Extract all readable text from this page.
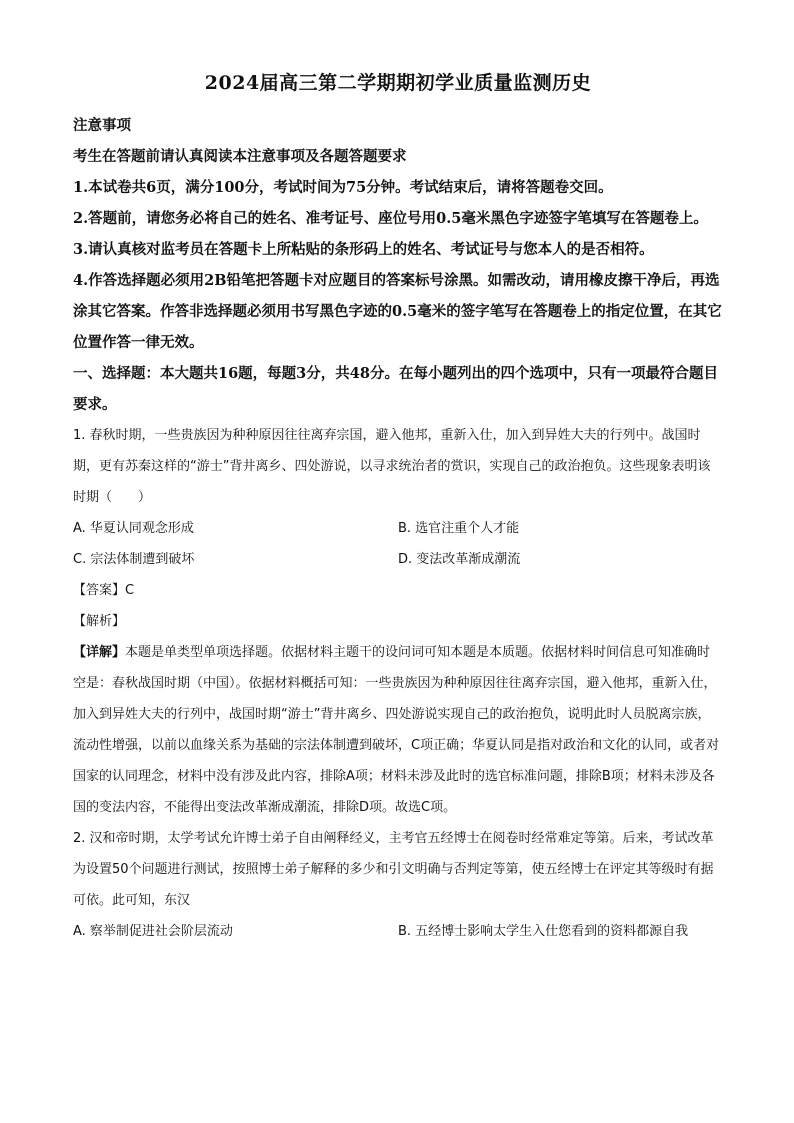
2024届高三第二学期期初学业质量监测历史
注意事项
考生在答题前请认真阅读本注意事项及各题答题要求
1.本试卷共6页，满分100分，考试时间为75分钟。考试结束后，请将答题卷交回。
2.答题前，请您务必将自己的姓名、准考证号、座位号用0.5毫米黑色字迹签字笔填写在答题卷上。
3.请认真核对监考员在答题卡上所粘贴的条形码上的姓名、考试证号与您本人的是否相符。
4.作答选择题必须用2B铅笔把答题卡对应题目的答案标号涂黑。如需改动，请用橡皮擦干净后，再选涂其它答案。作答非选择题必须用书写黑色字迹的0.5毫米的签字笔写在答题卷上的指定位置，在其它位置作答一律无效。
一、选择题：本大题共16题，每题3分，共48分。在每小题列出的四个选项中，只有一项最符合题目要求。
1. 春秋时期，一些贵族因为种种原因往往离弃宗国，避入他邦，重新入仕，加入到异姓大夫的行列中。战国时期，更有苏秦这样的“游士”背井离乡、四处游说，以寻求统治者的赏识，实现自己的政治抱负。这些现象表明该时期（　　）
A. 华夏认同观念形成	B. 选官注重个人才能
C. 宗法体制遭到破坏	D. 变法改革渐成潮流
【答案】C
【解析】
【详解】本题是单类型单项选择题。依据材料主题干的设问词可知本题是本质题。依据材料时间信息可知准确时空是：春秋战国时期（中国）。依据材料概括可知：一些贵族因为种种原因往往离弃宗国，避入他邦，重新入仕，加入到异姓大夫的行列中，战国时期“游士”背井离乡、四处游说实现自己的政治抱负，说明此时人员脱离宗族，流动性增强，以前以血缘关系为基础的宗法体制遭到破坏，C项正确；华夏认同是指对政治和文化的认同，或者对国家的认同理念，材料中没有涉及此内容，排除A项；材料未涉及此时的选官标准问题，排除B项；材料未涉及各国的变法内容，不能得出变法改革渐成潮流，排除D项。故选C项。
2. 汉和帝时期，太学考试允许博士弟子自由阐释经义，主考官五经博士在阅卷时经常难定等第。后来，考试改革为设置50个问题进行测试，按照博士弟子解释的多少和引文明确与否判定等第，使五经博士在评定其等级时有据可依。此可知，东汉
A. 察举制促进社会阶层流动	B. 五经博士影响太学生入仕您看到的资料都源自我
